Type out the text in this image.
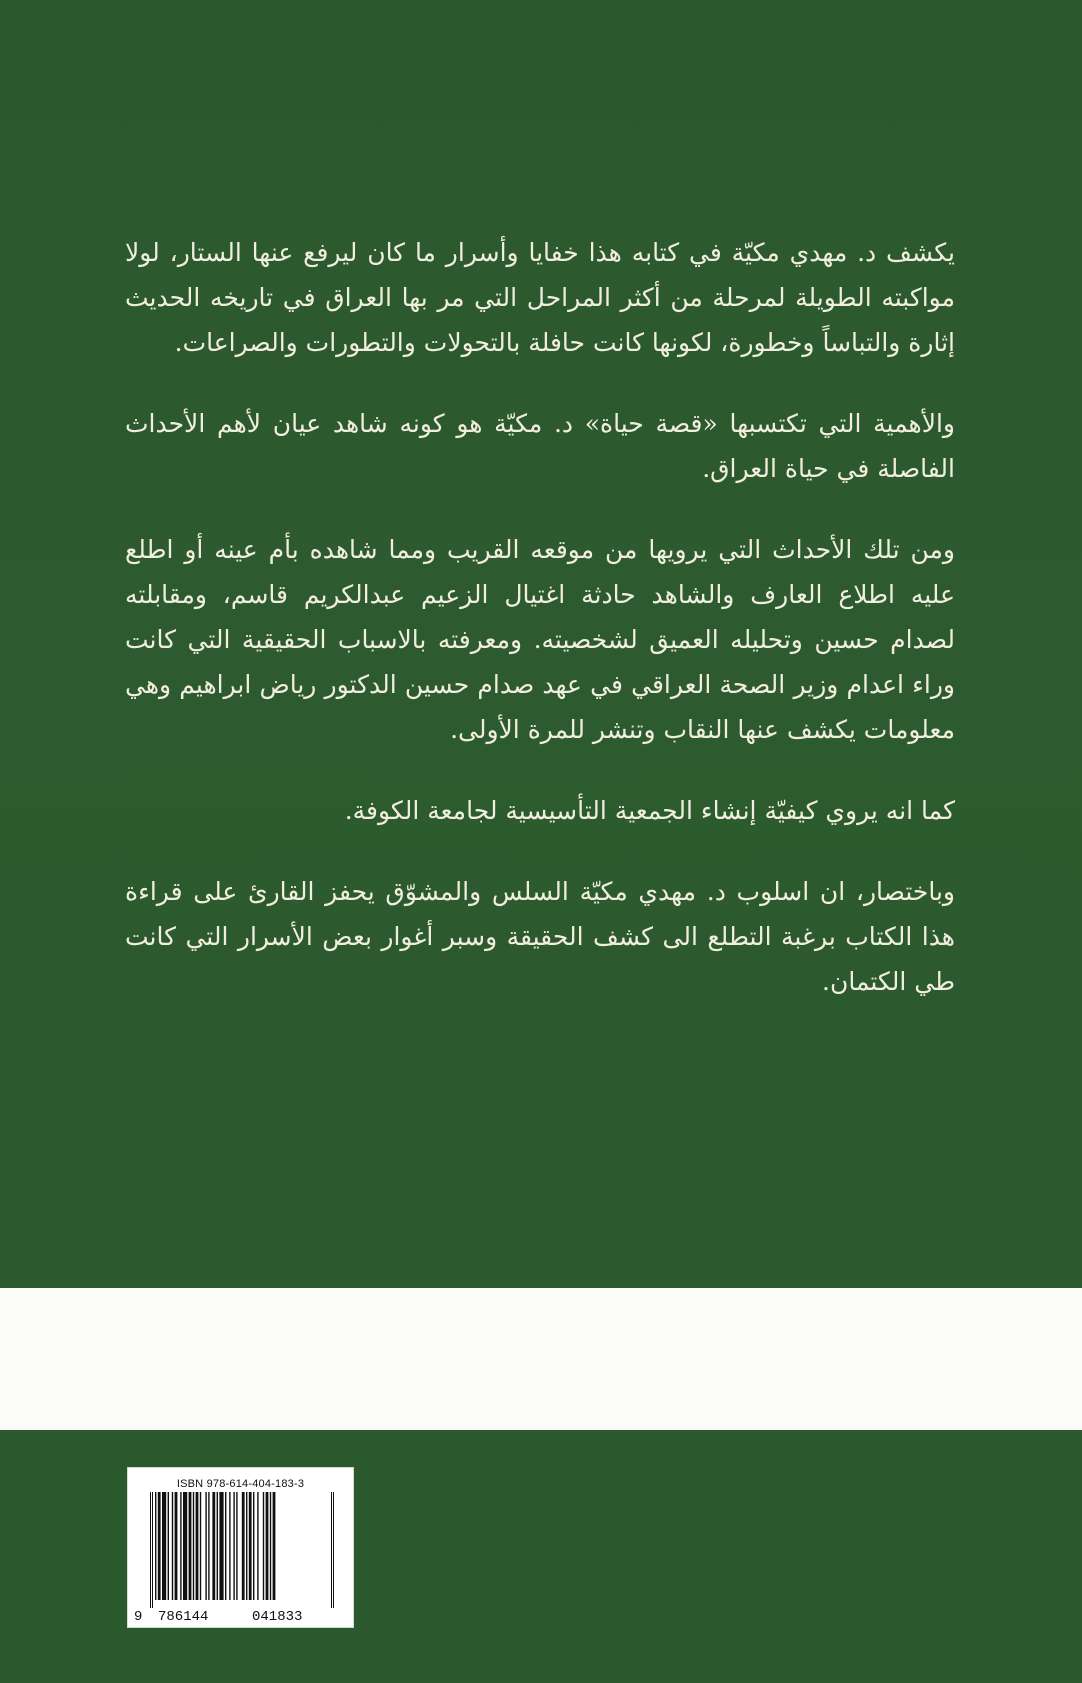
يكشف د. مهدي مكيّة في كتابه هذا خفايا وأسرار ما كان ليرفع عنها الستار، لولا مواكبته الطويلة لمرحلة من أكثر المراحل التي مر بها العراق في تاريخه الحديث إثارة والتباساً وخطورة، لكونها كانت حافلة بالتحولات والتطورات والصراعات.

والأهمية التي تكتسبها «قصة حياة» د. مكيّة هو كونه شاهد عيان لأهم الأحداث الفاصلة في حياة العراق.

ومن تلك الأحداث التي يرويها من موقعه القريب ومما شاهده بأم عينه أو اطلع عليه اطلاع العارف والشاهد حادثة اغتيال الزعيم عبدالكريم قاسم، ومقابلته لصدام حسين وتحليله العميق لشخصيته. ومعرفته بالاسباب الحقيقية التي كانت وراء اعدام وزير الصحة العراقي في عهد صدام حسين الدكتور رياض ابراهيم وهي معلومات يكشف عنها النقاب وتنشر للمرة الأولى.

كما انه يروي كيفيّة إنشاء الجمعية التأسيسية لجامعة الكوفة.

وباختصار، ان اسلوب د. مهدي مكيّة السلس والمشوّق يحفز القارئ على قراءة هذا الكتاب برغبة التطلع الى كشف الحقيقة وسبر أغوار بعض الأسرار التي كانت طي الكتمان.

ISBN 978-614-404-183-3
9 786144	041833
